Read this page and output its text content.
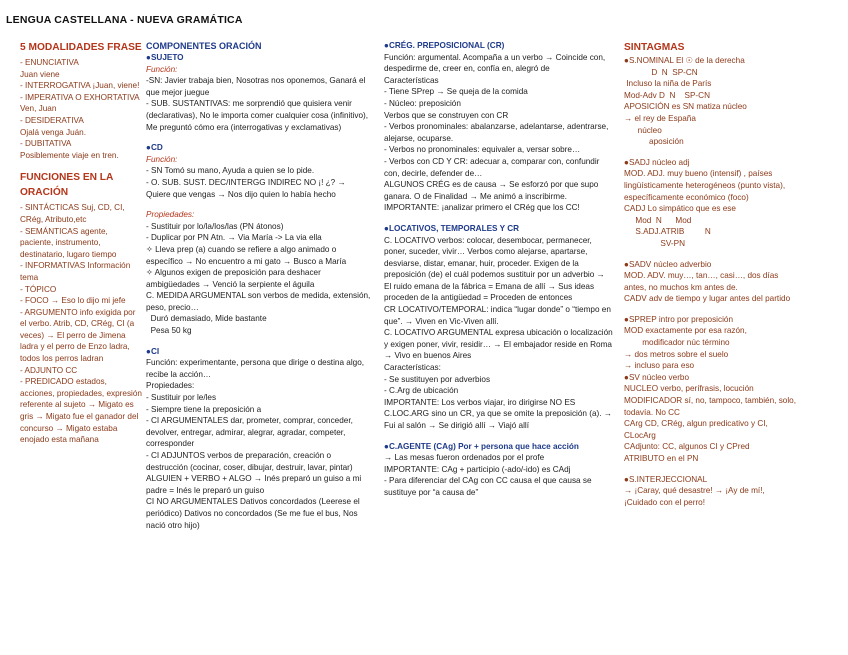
LENGUA CASTELLANA - NUEVA GRAMÁTICA
5 MODALIDADES FRASE
- ENUNCIATIVA
Juan viene
- INTERROGATIVA ¡Juan, viene!
- IMPERATIVA O EXHORTATIVA
Ven, Juan
- DESIDERATIVA
Ojalá venga Juán.
- DUBITATIVA
Posiblemente viaje en tren.
FUNCIONES EN LA ORACIÓN
- SINTÁCTICAS Suj, CD, CI, CRég, Atributo,etc
- SEMÁNTICAS agente, paciente, instrumento, destinatario, lugaro tiempo
- INFORMATIVAS Información tema
- TÓPICO
- FOCO → Eso lo dijo mi jefe
- ARGUMENTO info exigida por el verbo. Atrib, CD, CRég, CI (a veces) → El perro de Jimena ladra y el perro de Enzo ladra, todos los perros ladran
- ADJUNTO CC
- PREDICADO estados, acciones, propiedades, expresión referente al sujeto → Migato es gris → Migato fue el ganador del concurso → Migato estaba enojado esta mañana
COMPONENTES ORACIÓN
●SUJETO
Función:
-SN: Javier trabaja bien, Nosotras nos oponemos, Ganará el que mejor juegue
- SUB. SUSTANTIVAS: me sorprendió que quisiera venir (declarativas), No le importa comer cualquier cosa (infinitivo), Me preguntó cómo era (interrogativas y exclamativas)
●CD
Función:
- SN Tomó su mano, Ayuda a quien se lo pide.
- O. SUB. SUST. DEC/INTERGG INDIREC NO ¡! ¿? → Quiere que vengas → Nos dijo quien lo había hecho
Propiedades:
- Sustituir por lo/la/los/las (PN átonos)
- Duplicar por PN Atn. → Via María -> La via ella
✧ Lleva prep (a) cuando se refiere a algo animado o específico → No encuentro a mi gato → Busco a María
✧ Algunos exigen de preposición para deshacer ambigüedades → Venció la serpiente el águila
C. MEDIDA ARGUMENTAL son verbos de medida, extensión, peso, precio…
Duró demasiado, Mide bastante
Pesa 50 kg
●CI
Función: experimentante, persona que dirige o destina algo, recibe la acción…
Propiedades:
- Sustituir por le/les
- Siempre tiene la preposición a
- CI ARGUMENTALES dar, prometer, comprar, conceder, devolver, entregar, admirar, alegrar, agradar, competer, corresponder
- CI ADJUNTOS verbos de preparación, creación o destrucción (cocinar, coser, dibujar, destruir, lavar, pintar) ALGUIEN + VERBO + ALGO → Inés preparó un guiso a mi padre = Inés le preparó un guiso
CI NO ARGUMENTALES Dativos concordados (Leerese el periódico) Dativos no concordados (Se me fue el bus, Nos nació otro hijo)
●CRÉG. PREPOSICIONAL (CR)
Función: argumental. Acompaña a un verbo → Coincide con, despedirme de, creer en, confía en, alegró de
Características
- Tiene SPrep → Se queja de la comida
- Núcleo: preposición
Verbos que se construyen con CR
- Verbos pronominales: abalanzarse, adelantarse, adentrarse, alejarse, ocuparse.
- Verbos no pronominales: equivaler a, versar sobre…
- Verbos con CD Y CR: adecuar a, comparar con, confundir con, decirle, defender de…
ALGUNOS CRÉG es de causa → Se esforzó por que supo ganara. O de Finalidad → Me animó a inscribirme. IMPORTANTE: ¡analizar primero el CRég que los CC!
●LOCATIVOS, TEMPORALES Y CR
C. LOCATIVO verbos: colocar, desembocar, permanecer, poner, suceder, vivir… Verbos como alejarse, apartarse, desviarse, distar, emanar, huir, proceder. Exigen de la preposición (de) el cuál podemos sustituir por un adverbio → El ruido emana de la fábrica = Emana de allí → Sus ideas proceden de la antigüedad = Proceden de entonces
CR LOCATIVO/TEMPORAL: indica “lugar donde” o “tiempo en que”. → Viven en Vic-Viven allí.
C. LOCATIVO ARGUMENTAL expresa ubicación o localización y exigen poner, vivir, residir… → El embajador reside en Roma → Vivo en buenos Aires
Características:
- Se sustituyen por adverbios
- C.Arg de ubicación
IMPORTANTE: Los verbos viajar, iro dirigirse NO ES C.LOC.ARG sino un CR, ya que se omite la preposición (a). → Fui al salón → Se dirigió allí → Viajó allí
●C.AGENTE (CAg) Por + persona que hace acción
→ Las mesas fueron ordenados por el profe
IMPORTANTE: CAg + participio (-ado/-ido) es CAdj
- Para diferenciar del CAg con CC causa el que causa se sustituye por “a causa de”
SINTAGMAS
●S.NOMINAL El ☉ de la derecha
D  N  SP-CN
Incluso la niña de París
Mod-Adv D  N    SP-CN
APOSICIÓN es SN matiza núcleo
→ el rey de España
núcleo
aposición
●SADJ núcleo adj
MOD. ADJ. muy bueno (intensif) , países lingüísticamente heterogéneos (punto vista), específicamente económico (foco)
CADJ Lo simpático que es ese
Mod  N      Mod
S.ADJ.ATRIB         N
SV-PN
●SADV núcleo adverbio
MOD. ADV. muy…, tan…, casi…, dos días antes, no muchos km antes de.
CADV adv de tiempo y lugar antes del partido
●SPREP intro por preposición
MOD exactamente por esa razón,
modificador núc término
→ dos metros sobre el suelo
→ incluso para eso
●SV núcleo verbo
NUCLEO verbo, perífrasis, locución
MODIFICADOR sí, no, tampoco, también, solo, todavía. No CC
CArg CD, CRég, algun predicativo y CI, CLocArg
CAdjunto: CC, algunos CI y CPred
ATRIBUTO en el PN
●S.INTERJECCIONAL
→ ¡Caray, qué desastre! → ¡Ay de mí!, ¡Cuidado con el perro!
